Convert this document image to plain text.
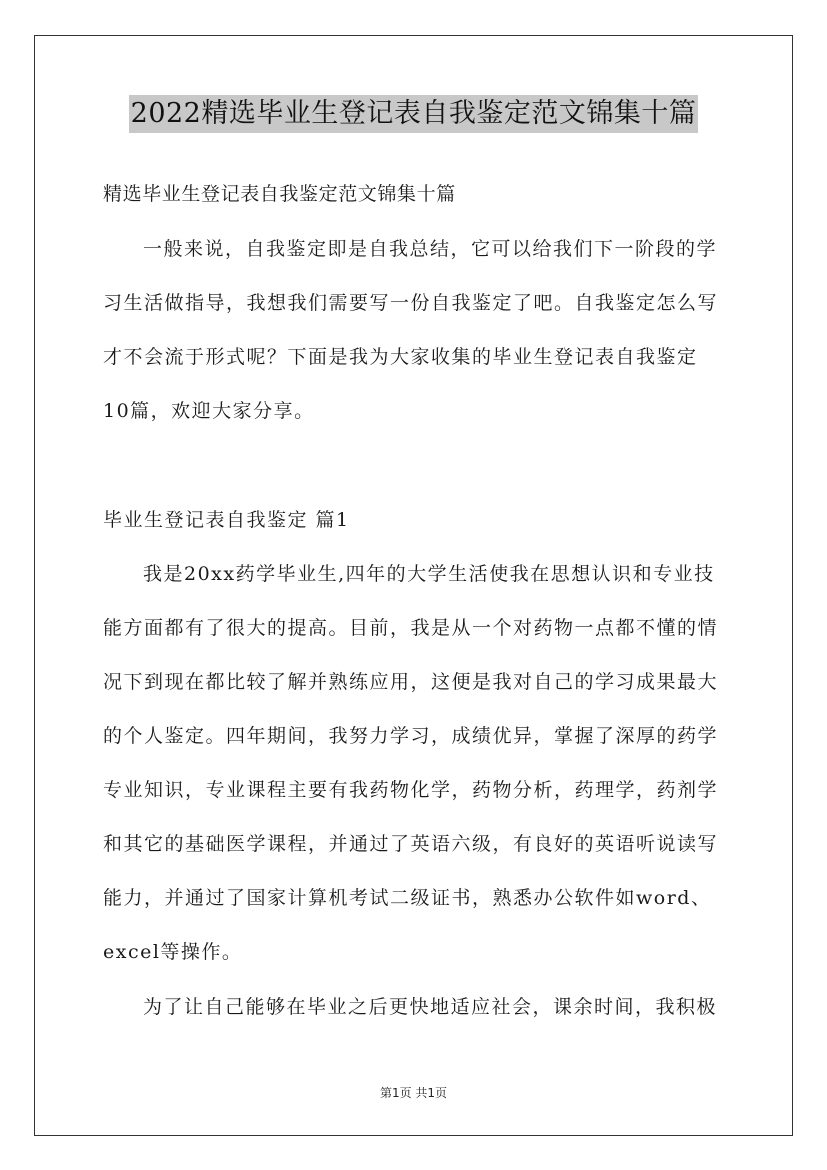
2022精选毕业生登记表自我鉴定范文锦集十篇
精选毕业生登记表自我鉴定范文锦集十篇
一般来说，自我鉴定即是自我总结，它可以给我们下一阶段的学
习生活做指导，我想我们需要写一份自我鉴定了吧。自我鉴定怎么写
才不会流于形式呢？下面是我为大家收集的毕业生登记表自我鉴定
10篇，欢迎大家分享。
毕业生登记表自我鉴定 篇1
我是20xx药学毕业生,四年的大学生活使我在思想认识和专业技
能方面都有了很大的提高。目前，我是从一个对药物一点都不懂的情
况下到现在都比较了解并熟练应用，这便是我对自己的学习成果最大
的个人鉴定。四年期间，我努力学习，成绩优异，掌握了深厚的药学
专业知识，专业课程主要有我药物化学，药物分析，药理学，药剂学
和其它的基础医学课程，并通过了英语六级，有良好的英语听说读写
能力，并通过了国家计算机考试二级证书，熟悉办公软件如word、
excel等操作。
为了让自己能够在毕业之后更快地适应社会，课余时间，我积极
第1页 共1页
